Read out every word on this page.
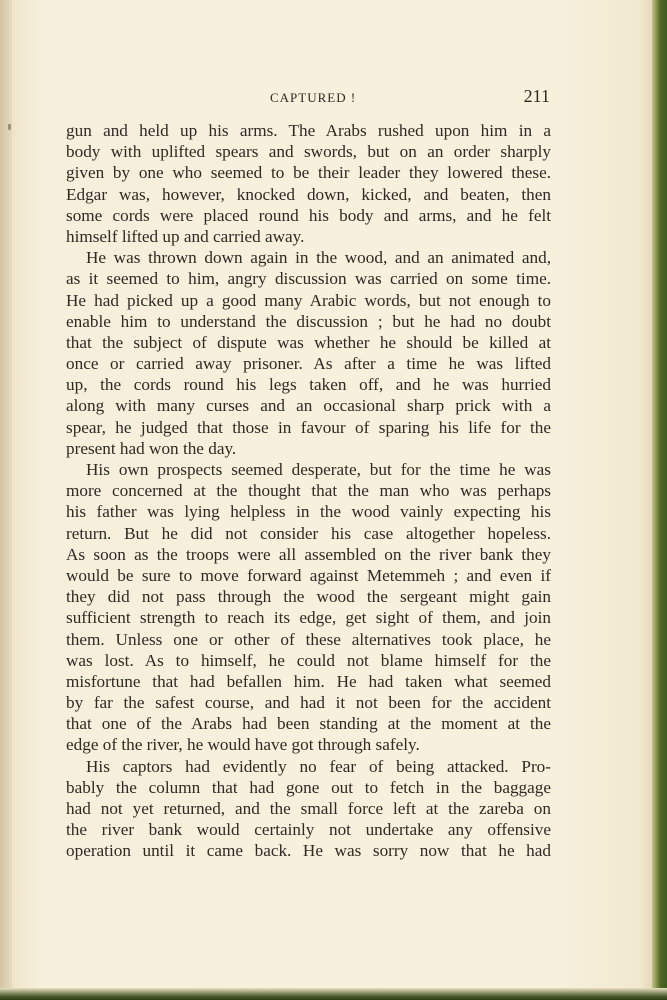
CAPTURED !	211
gun and held up his arms. The Arabs rushed upon him in a
body with uplifted spears and swords, but on an order sharply
given by one who seemed to be their leader they lowered these.
Edgar was, however, knocked down, kicked, and beaten, then
some cords were placed round his body and arms, and he felt
himself lifted up and carried away.
He was thrown down again in the wood, and an animated and,
as it seemed to him, angry discussion was carried on some time.
He had picked up a good many Arabic words, but not enough to
enable him to understand the discussion ; but he had no doubt
that the subject of dispute was whether he should be killed at
once or carried away prisoner. As after a time he was lifted
up, the cords round his legs taken off, and he was hurried
along with many curses and an occasional sharp prick with a
spear, he judged that those in favour of sparing his life for the
present had won the day.
His own prospects seemed desperate, but for the time he was
more concerned at the thought that the man who was perhaps
his father was lying helpless in the wood vainly expecting his
return. But he did not consider his case altogether hopeless.
As soon as the troops were all assembled on the river bank they
would be sure to move forward against Metemmeh ; and even if
they did not pass through the wood the sergeant might gain
sufficient strength to reach its edge, get sight of them, and join
them. Unless one or other of these alternatives took place, he
was lost. As to himself, he could not blame himself for the
misfortune that had befallen him. He had taken what seemed
by far the safest course, and had it not been for the accident
that one of the Arabs had been standing at the moment at the
edge of the river, he would have got through safely.
His captors had evidently no fear of being attacked. Pro-
bably the column that had gone out to fetch in the baggage
had not yet returned, and the small force left at the zareba on
the river bank would certainly not undertake any offensive
operation until it came back. He was sorry now that he had
